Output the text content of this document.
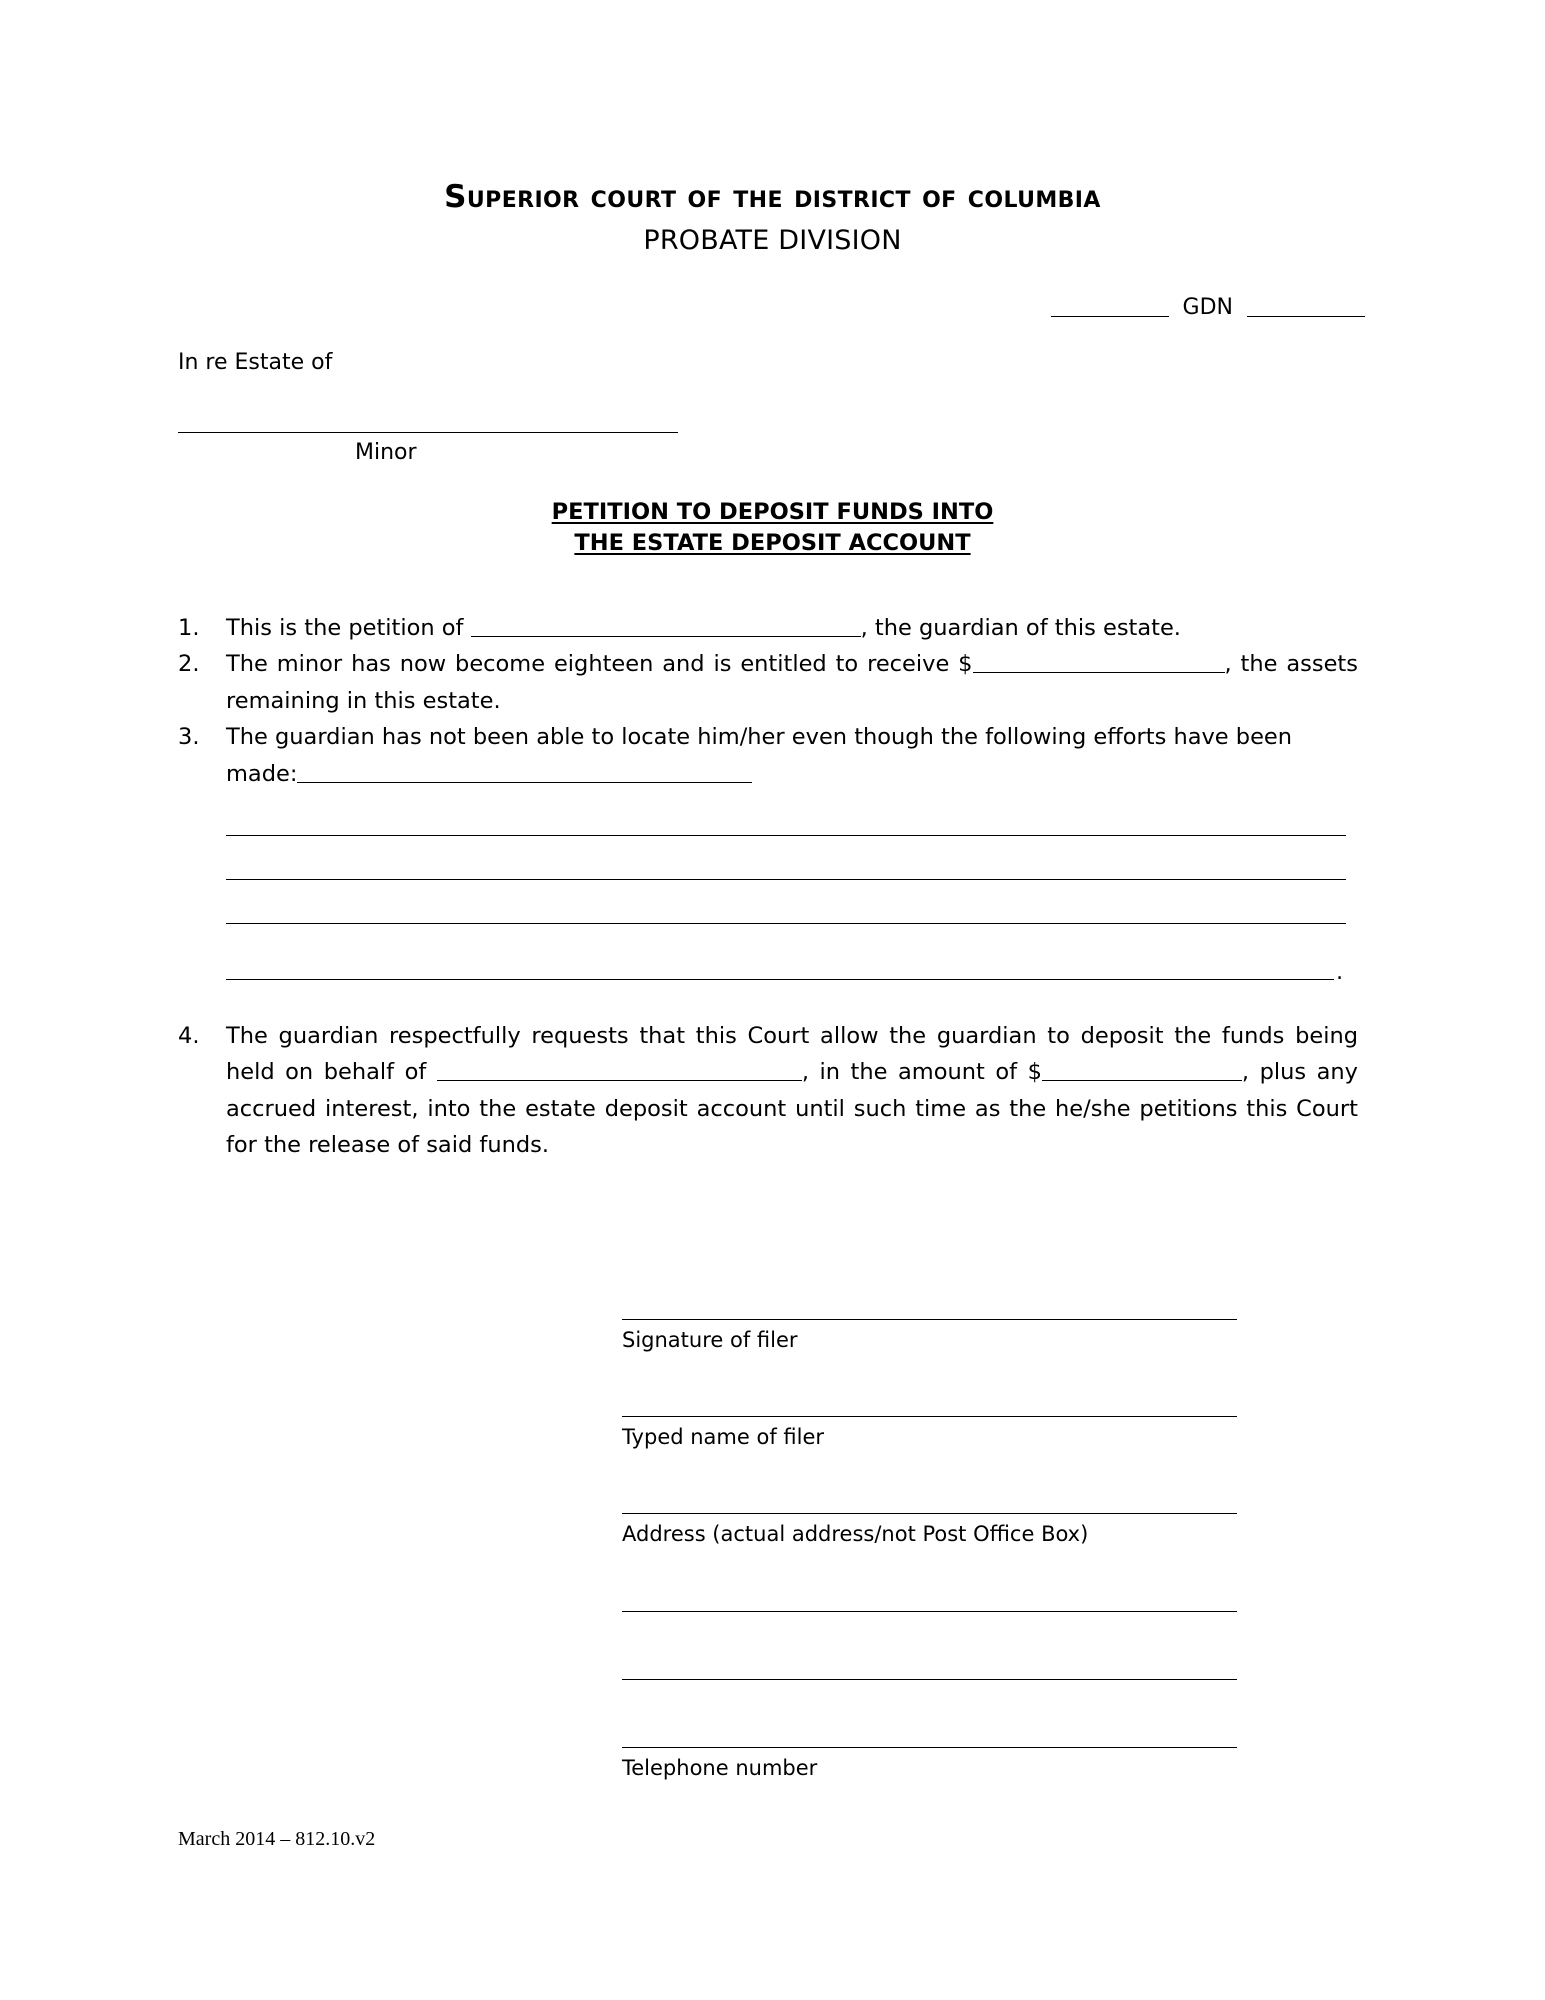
Superior court of the district of columbia
PROBATE DIVISION
GDN
In re Estate of
Minor
PETITION TO DEPOSIT FUNDS INTO
THE ESTATE DEPOSIT ACCOUNT
1.	This is the petition of	, the guardian of this estate.
2.	The minor has now become eighteen and is entitled to receive $	, the assets remaining in this estate.
3.	The guardian has not been able to locate him/her even though the following efforts have been made:
.
4.	The guardian respectfully requests that this Court allow the guardian to deposit the funds being held on behalf of	, in the amount of $	, plus any accrued interest, into the estate deposit account until such time as the he/she petitions this Court for the release of said funds.
Signature of filer
Typed name of filer
Address (actual address/not Post Office Box)
Telephone number
March 2014 – 812.10.v2
